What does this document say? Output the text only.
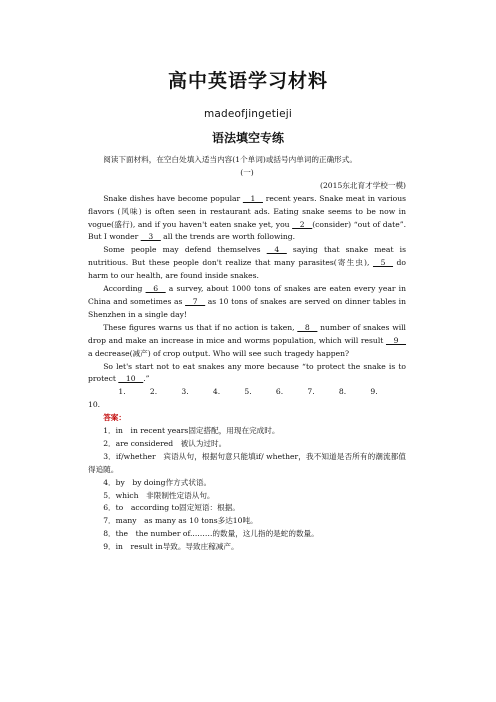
高中英语学习材料
madeofjingetieji
语法填空专练

阅读下面材料，在空白处填入适当内容(1个单词)或括号内单词的正确形式。

(一)

(2015东北育才学校一模)

Snake dishes have become popular __1__ recent years. Snake meat in various flavors (风味) is often seen in restaurant ads. Eating snake seems to be now in vogue(盛行), and if you haven't eaten snake yet, you __2__(consider) “out of date”. But I wonder __3__ all the trends are worth following.

Some people may defend themselves __4__ saying that snake meat is nutritious. But these people don't realize that many parasites(寄生虫), __5__ do harm to our health, are found inside snakes.

According __6__ a survey, about 1000 tons of snakes are eaten every year in China and sometimes as __7__ as 10 tons of snakes are served on dinner tables in Shenzhen in a single day!

These figures warns us that if no action is taken, __8__ number of snakes will drop and make an increase in mice and worms population, which will result __9__ a decrease(减产) of crop output. Who will see such tragedy happen?

So let's start not to eat snakes any more because “to protect the snake is to protect __10__.”

1.	2.	3.	4.	5.	6.	7.	8.	9.

10.

答案：

1．in　in recent years固定搭配，用现在完成时。

2．are considered　被认为过时。

3．if/whether　宾语从句，根据句意只能填if/ whether，我不知道是否所有的潮流都值得追随。

4．by　by doing作方式状语。

5．which　非限制性定语从句。

6．to　according to固定短语：根据。

7．many　as many as 10 tons多达10吨。

8．the　the number of...……的数量，这儿指的是蛇的数量。

9．in　result in导致。导致庄稼减产。
